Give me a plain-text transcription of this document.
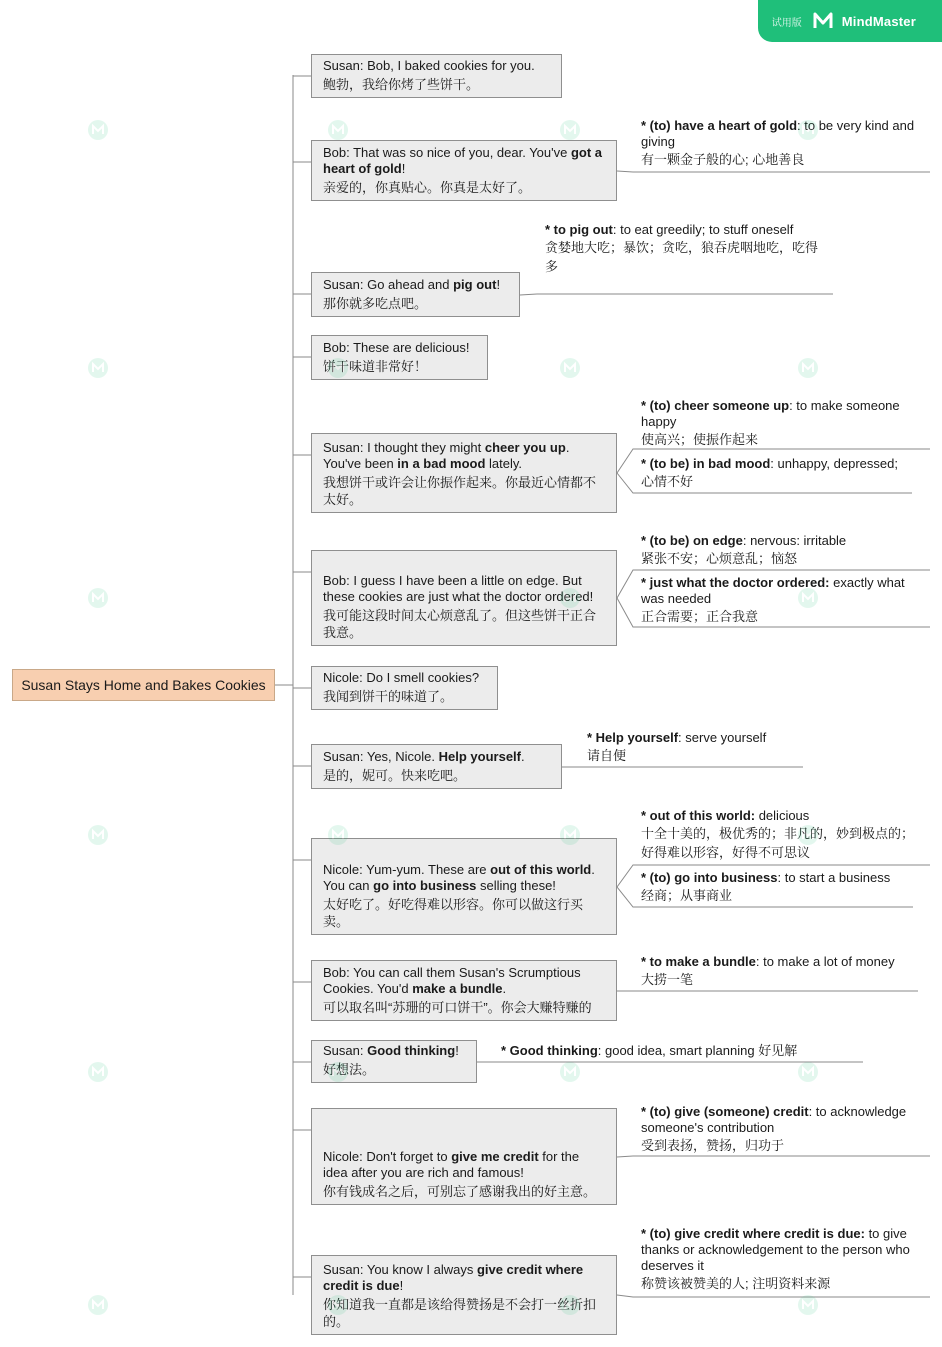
试用版	MindMaster
Susan Stays Home and Bakes Cookies
Susan: Bob, I baked cookies for you.
鲍勃，我给你烤了些饼干。
Bob: That was so nice of you, dear. You've got a heart of gold!
亲爱的，你真贴心。你真是太好了。
Susan: Go ahead and pig out!
那你就多吃点吧。
Bob: These are delicious!
饼干味道非常好！
Susan: I thought they might cheer you up. You've been in a bad mood lately.
我想饼干或许会让你振作起来。你最近心情都不太好。
Bob: I guess I have been a little on edge. But these cookies are just what the doctor ordered!
我可能这段时间太心烦意乱了。但这些饼干正合我意。
Nicole: Do I smell cookies?
我闻到饼干的味道了。
Susan: Yes, Nicole. Help yourself.
是的，妮可。快来吃吧。
Nicole: Yum-yum. These are out of this world. You can go into business selling these!
太好吃了。好吃得难以形容。你可以做这行买卖。
Bob: You can call them Susan's Scrumptious Cookies. You'd make a bundle.
可以取名叫“苏珊的可口饼干”。你会大赚特赚的
Susan: Good thinking!
好想法。
Nicole: Don't forget to give me credit for the idea after you are rich and famous!
你有钱成名之后，可别忘了感谢我出的好主意。
Susan: You know I always give credit where credit is due!
你知道我一直都是该给得赞扬是不会打一丝折扣的。
* (to) have a heart of gold: to be very kind and giving
有一颗金子般的心; 心地善良
* to pig out: to eat greedily; to stuff oneself
贪婪地大吃；暴饮；贪吃，狼吞虎咽地吃，吃得多
* (to) cheer someone up: to make someone happy
使高兴；使振作起来
* (to be) in bad mood: unhappy, depressed;
心情不好
* (to be) on edge: nervous: irritable
紧张不安；心烦意乱；恼怒
* just what the doctor ordered: exactly what was needed
正合需要；正合我意
* Help yourself: serve yourself
请自便
* out of this world: delicious
十全十美的，极优秀的；非凡的，妙到极点的；好得难以形容，好得不可思议
* (to) go into business: to start a business
经商；从事商业
* to make a bundle: to make a lot of money
大捞一笔
* Good thinking: good idea, smart planning 好见解
* (to) give (someone) credit: to acknowledge someone's contribution
受到表扬，赞扬，归功于
* (to) give credit where credit is due: to give thanks or acknowledgement to the person who deserves it
称赞该被赞美的人; 注明资料来源
